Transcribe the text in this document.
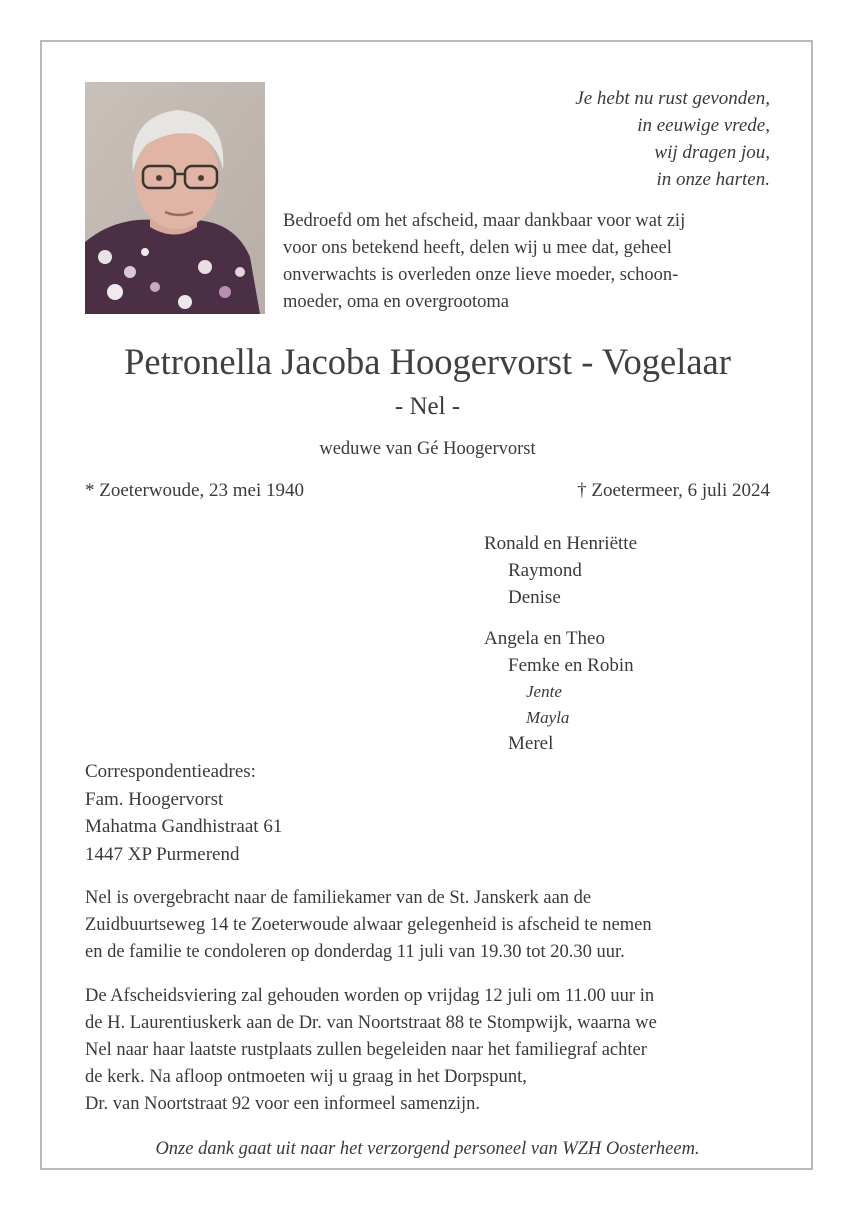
Je hebt nu rust gevonden,
in eeuwige vrede,
wij dragen jou,
in onze harten.
Bedroefd om het afscheid, maar dankbaar voor wat zij
voor ons betekend heeft, delen wij u mee dat, geheel
onverwachts is overleden onze lieve moeder, schoon-
moeder, oma en overgrootoma
Petronella Jacoba Hoogervorst - Vogelaar
- Nel -
weduwe van Gé Hoogervorst
* Zoeterwoude, 23 mei 1940	† Zoetermeer, 6 juli 2024
Ronald en Henriëtte
Raymond
Denise
Angela en Theo
Femke en Robin
Jente
Mayla
Merel
Correspondentieadres:
Fam. Hoogervorst
Mahatma Gandhistraat 61
1447 XP Purmerend
Nel is overgebracht naar de familiekamer van de St. Janskerk aan de
Zuidbuurtseweg 14 te Zoeterwoude alwaar gelegenheid is afscheid te nemen
en de familie te condoleren op donderdag 11 juli van 19.30 tot 20.30 uur.
De Afscheidsviering zal gehouden worden op vrijdag 12 juli om 11.00 uur in
de H. Laurentiuskerk aan de Dr. van Noortstraat 88 te Stompwijk, waarna we
Nel naar haar laatste rustplaats zullen begeleiden naar het familiegraf achter
de kerk. Na afloop ontmoeten wij u graag in het Dorpspunt,
Dr. van Noortstraat 92 voor een informeel samenzijn.
Onze dank gaat uit naar het verzorgend personeel van WZH Oosterheem.
